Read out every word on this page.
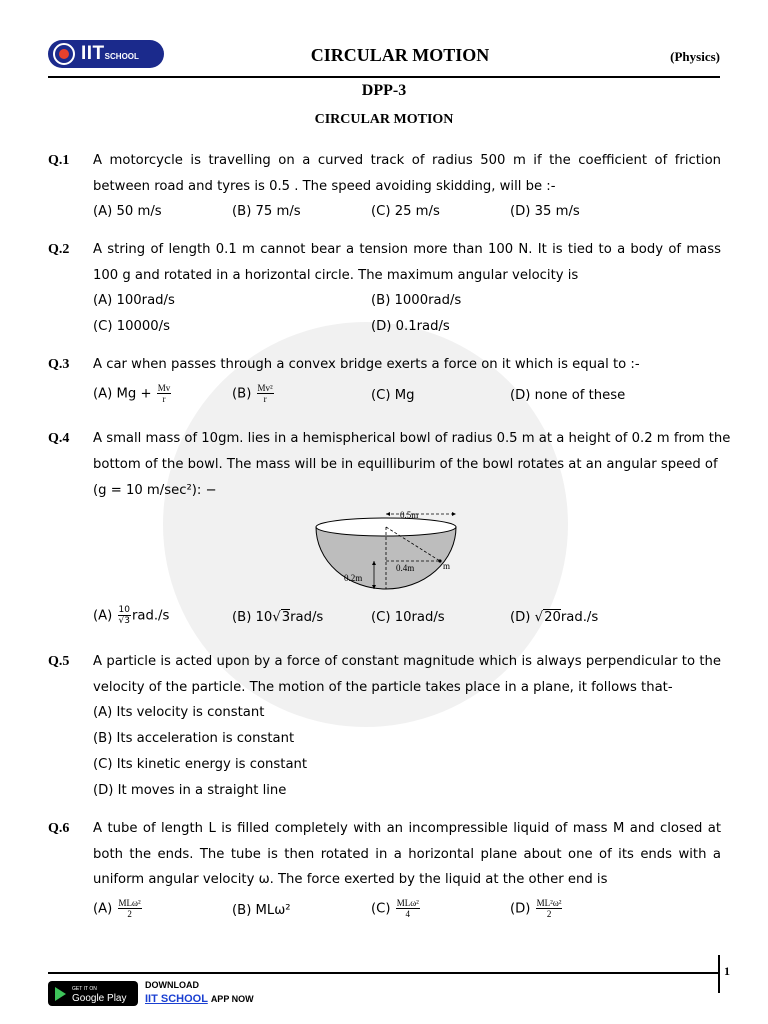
IITSCHOOL	CIRCULAR MOTION	(Physics)
DPP-3
CIRCULAR MOTION
Q.1 A motorcycle is travelling on a curved track of radius 500 m if the coefficient of friction between road and tyres is 0.5 . The speed avoiding skidding, will be :-
(A) 50 m/s	(B) 75 m/s	(C) 25 m/s	(D) 35 m/s
Q.2 A string of length 0.1 m cannot bear a tension more than 100 N. It is tied to a body of mass 100 g and rotated in a horizontal circle. The maximum angular velocity is
(A) 100rad/s	(B) 1000rad/s
(C) 10000/s	(D) 0.1rad/s
Q.3 A car when passes through a convex bridge exerts a force on it which is equal to :-
(A) $Mg + \frac{Mv}{r}$	$(B) \frac{\text{Mv²}}{r}$	(C) Mg	(D) none of these
Q.4 A small mass of 10gm. lies in a hemispherical bowl of radius 0.5 m at a height of 0.2 m from the
bottom of the bowl. The mass will be in equilliburim of the bowl rotates at an angular speed of
(g = 10 m/sec²): −
0.5m
0.4m
0.2m
m
$(A) \frac{10}{√3} rad./s$	(B) 10√3rad/s	(C) 10rad/s	(D) √20rad./s
Q.5 A particle is acted upon by a force of constant magnitude which is always perpendicular to the velocity of the particle. The motion of the particle takes place in a plane, it follows that-
(A) Its velocity is constant
(B) Its acceleration is constant
(C) Its kinetic energy is constant
(D) It moves in a straight line
Q.6 A tube of length L is filled completely with an incompressible liquid of mass M and closed at both the ends. The tube is then rotated in a horizontal plane about one of its ends with a uniform angular velocity ω. The force exerted by the liquid at the other end is
$(A) \frac{\text{MLω²}}{2}$	(B) MLω²	$(C) \frac{\text{MLω²}}{4}$	$(D) \frac{\text{ML²ω²}}{2}$
1
GET IT ON
Google Play
DOWNLOAD
IIT SCHOOL APP NOW
